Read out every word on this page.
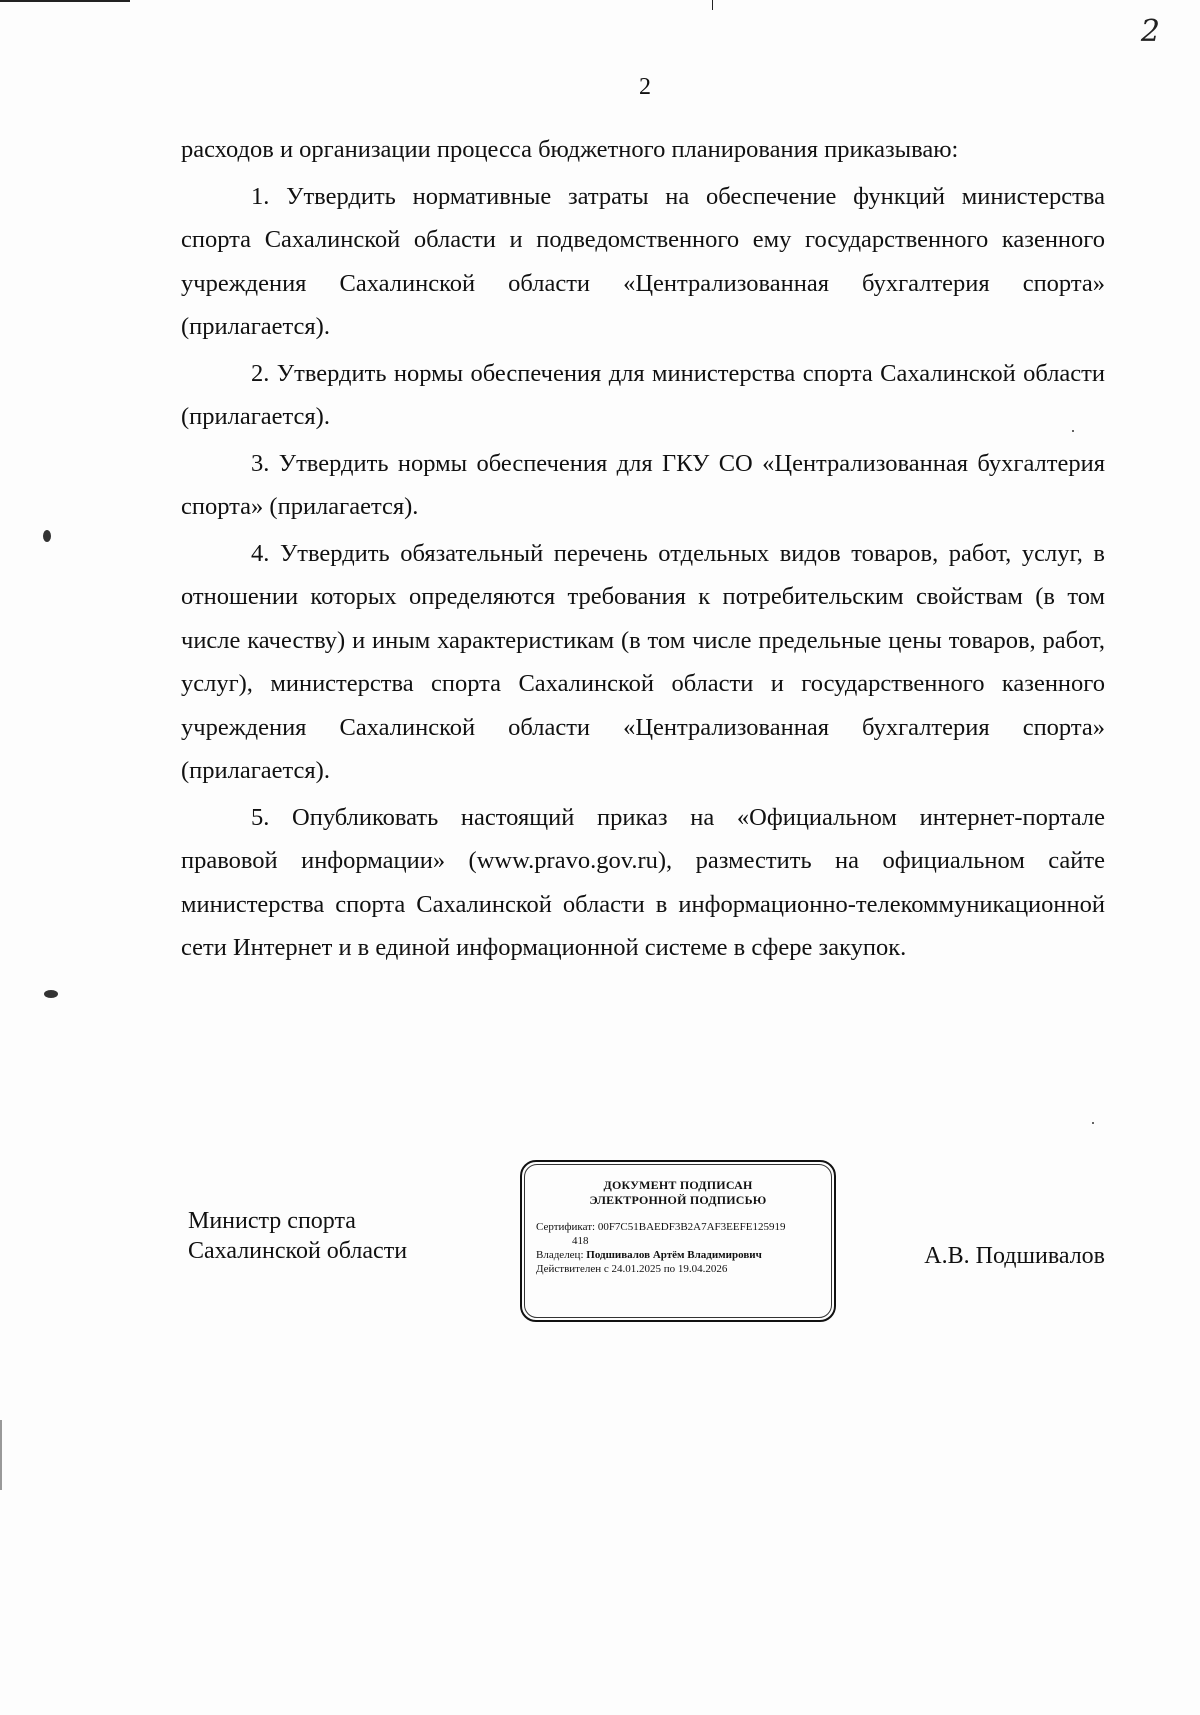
2
2

расходов и организации процесса бюджетного планирования приказываю:

1. Утвердить нормативные затраты на обеспечение функций министерства спорта Сахалинской области и подведомственного ему государственного казенного учреждения Сахалинской области «Централизованная бухгалтерия спорта» (прилагается).

2. Утвердить нормы обеспечения для министерства спорта Сахалинской области (прилагается).

3. Утвердить нормы обеспечения для ГКУ СО «Централизованная бухгалтерия спорта» (прилагается).

4. Утвердить обязательный перечень отдельных видов товаров, работ, услуг, в отношении которых определяются требования к потребительским свойствам (в том числе качеству) и иным характеристикам (в том числе предельные цены товаров, работ, услуг), министерства спорта Сахалинской области и государственного казенного учреждения Сахалинской области «Централизованная бухгалтерия спорта» (прилагается).

5. Опубликовать настоящий приказ на «Официальном интернет-портале правовой информации» (www.pravo.gov.ru), разместить на официальном сайте министерства спорта Сахалинской области в информационно-телекоммуникационной сети Интернет и в единой информационной системе в сфере закупок.

Министр спорта
Сахалинской области
ДОКУМЕНТ ПОДПИСАН
ЭЛЕКТРОННОЙ ПОДПИСЬЮ
Сертификат: 00F7C51BAEDF3B2A7AF3EEFE125919
418
Владелец: Подшивалов Артём Владимирович
Действителен с 24.01.2025 по 19.04.2026	А.В. Подшивалов
